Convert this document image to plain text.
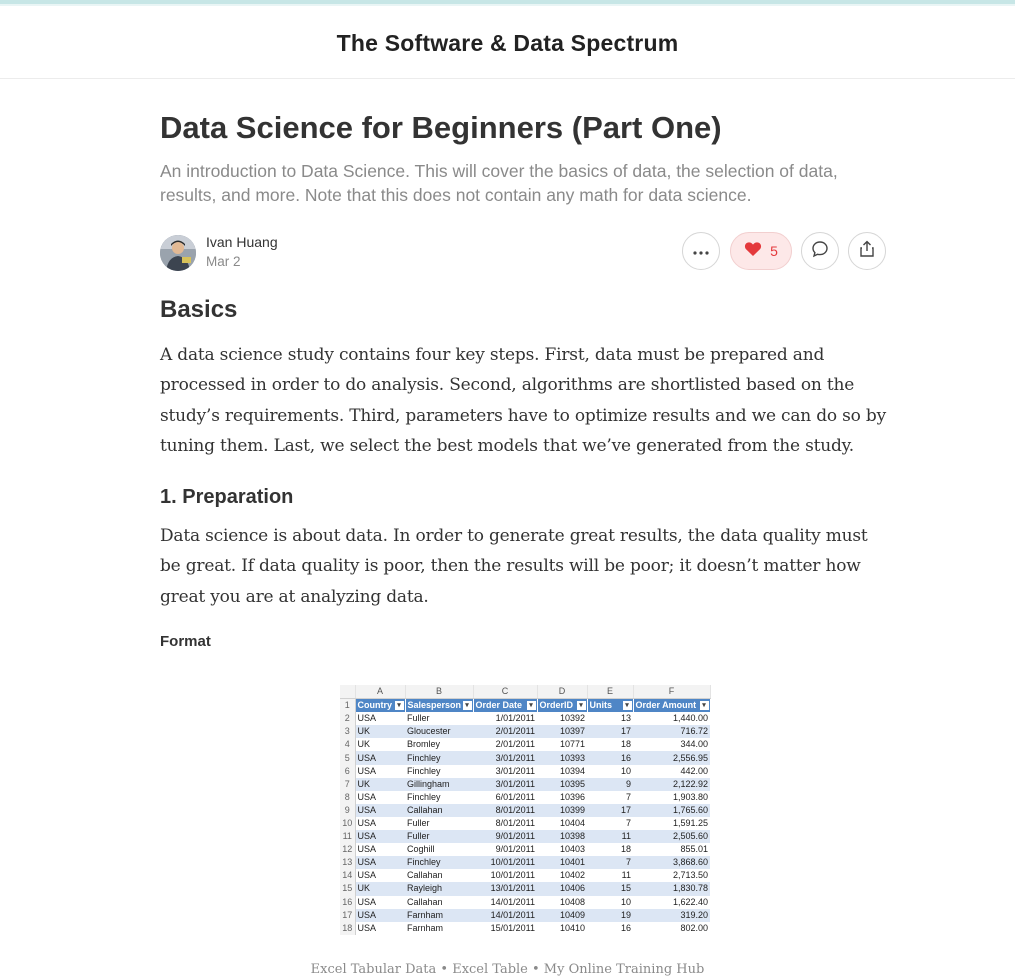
The Software & Data Spectrum
Data Science for Beginners (Part One)
An introduction to Data Science. This will cover the basics of data, the selection of data, results, and more. Note that this does not contain any math for data science.
Ivan Huang
Mar 2
5
Basics
A data science study contains four key steps. First, data must be prepared and processed in order to do analysis. Second, algorithms are shortlisted based on the study’s requirements. Third, parameters have to optimize results and we can do so by tuning them. Last, we select the best models that we’ve generated from the study.
1. Preparation
Data science is about data. In order to generate great results, the data quality must be great. If data quality is poor, then the results will be poor; it doesn’t matter how great you are at analyzing data.
Format
	A	B	C	D	E	F
1	Country ▾	Salesperson ▾	Order Date ▾	OrderID ▾	Units ▾	Order Amount ▾

2	USA	Fuller	1/01/2011	10392	13	1,440.00
3	UK	Gloucester	2/01/2011	10397	17	716.72
4	UK	Bromley	2/01/2011	10771	18	344.00
5	USA	Finchley	3/01/2011	10393	16	2,556.95
6	USA	Finchley	3/01/2011	10394	10	442.00
7	UK	Gillingham	3/01/2011	10395	9	2,122.92
8	USA	Finchley	6/01/2011	10396	7	1,903.80
9	USA	Callahan	8/01/2011	10399	17	1,765.60
10	USA	Fuller	8/01/2011	10404	7	1,591.25
11	USA	Fuller	9/01/2011	10398	11	2,505.60
12	USA	Coghill	9/01/2011	10403	18	855.01
13	USA	Finchley	10/01/2011	10401	7	3,868.60
14	USA	Callahan	10/01/2011	10402	11	2,713.50
15	UK	Rayleigh	13/01/2011	10406	15	1,830.78
16	USA	Callahan	14/01/2011	10408	10	1,622.40
17	USA	Farnham	14/01/2011	10409	19	319.20
18	USA	Farnham	15/01/2011	10410	16	802.00
Excel Tabular Data • Excel Table • My Online Training Hub
